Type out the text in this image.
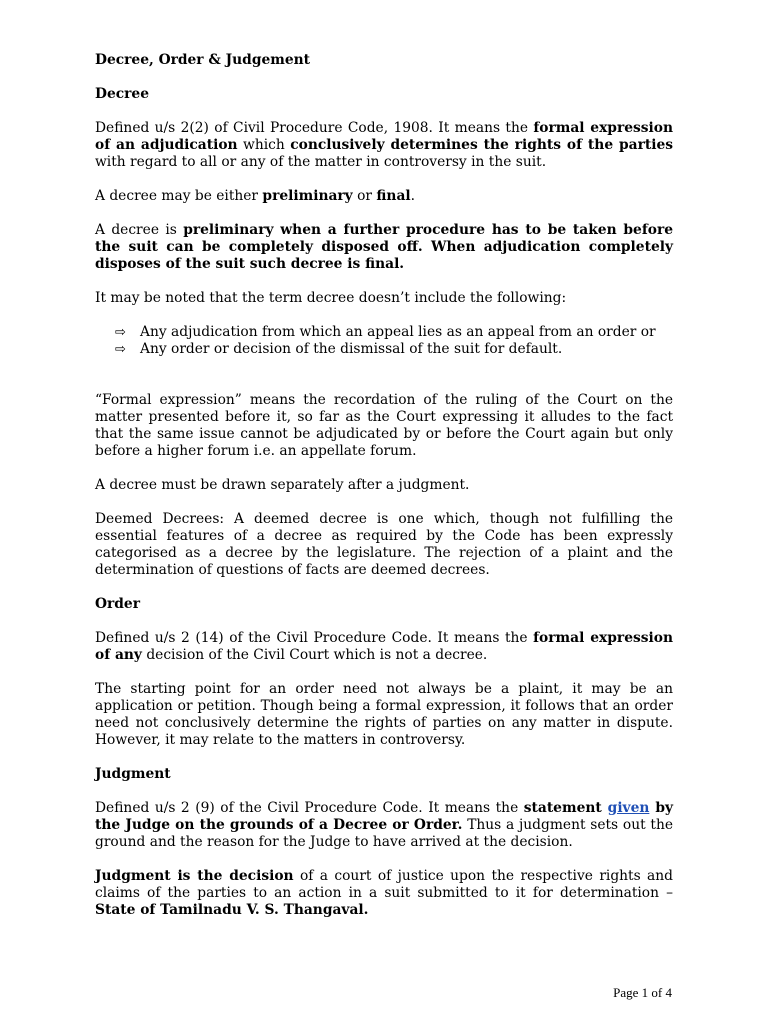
Decree, Order & Judgement

Decree

Defined u/s 2(2) of Civil Procedure Code, 1908. It means the formal expression of an adjudication which conclusively determines the rights of the parties with regard to all or any of the matter in controversy in the suit.

A decree may be either preliminary or final.

A decree is preliminary when a further procedure has to be taken before the suit can be completely disposed off. When adjudication completely disposes of the suit such decree is final.

It may be noted that the term decree doesn’t include the following:

⇨ Any adjudication from which an appeal lies as an appeal from an order or
⇨ Any order or decision of the dismissal of the suit for default.

“Formal expression” means the recordation of the ruling of the Court on the matter presented before it, so far as the Court expressing it alludes to the fact that the same issue cannot be adjudicated by or before the Court again but only before a higher forum i.e. an appellate forum.

A decree must be drawn separately after a judgment.

Deemed Decrees: A deemed decree is one which, though not fulfilling the essential features of a decree as required by the Code has been expressly categorised as a decree by the legislature. The rejection of a plaint and the determination of questions of facts are deemed decrees.

Order

Defined u/s 2 (14) of the Civil Procedure Code. It means the formal expression of any decision of the Civil Court which is not a decree.

The starting point for an order need not always be a plaint, it may be an application or petition. Though being a formal expression, it follows that an order need not conclusively determine the rights of parties on any matter in dispute. However, it may relate to the matters in controversy.

Judgment

Defined u/s 2 (9) of the Civil Procedure Code. It means the statement given by the Judge on the grounds of a Decree or Order. Thus a judgment sets out the ground and the reason for the Judge to have arrived at the decision.

Judgment is the decision of a court of justice upon the respective rights and claims of the parties to an action in a suit submitted to it for determination – State of Tamilnadu V. S. Thangaval.

Page 1 of 4
